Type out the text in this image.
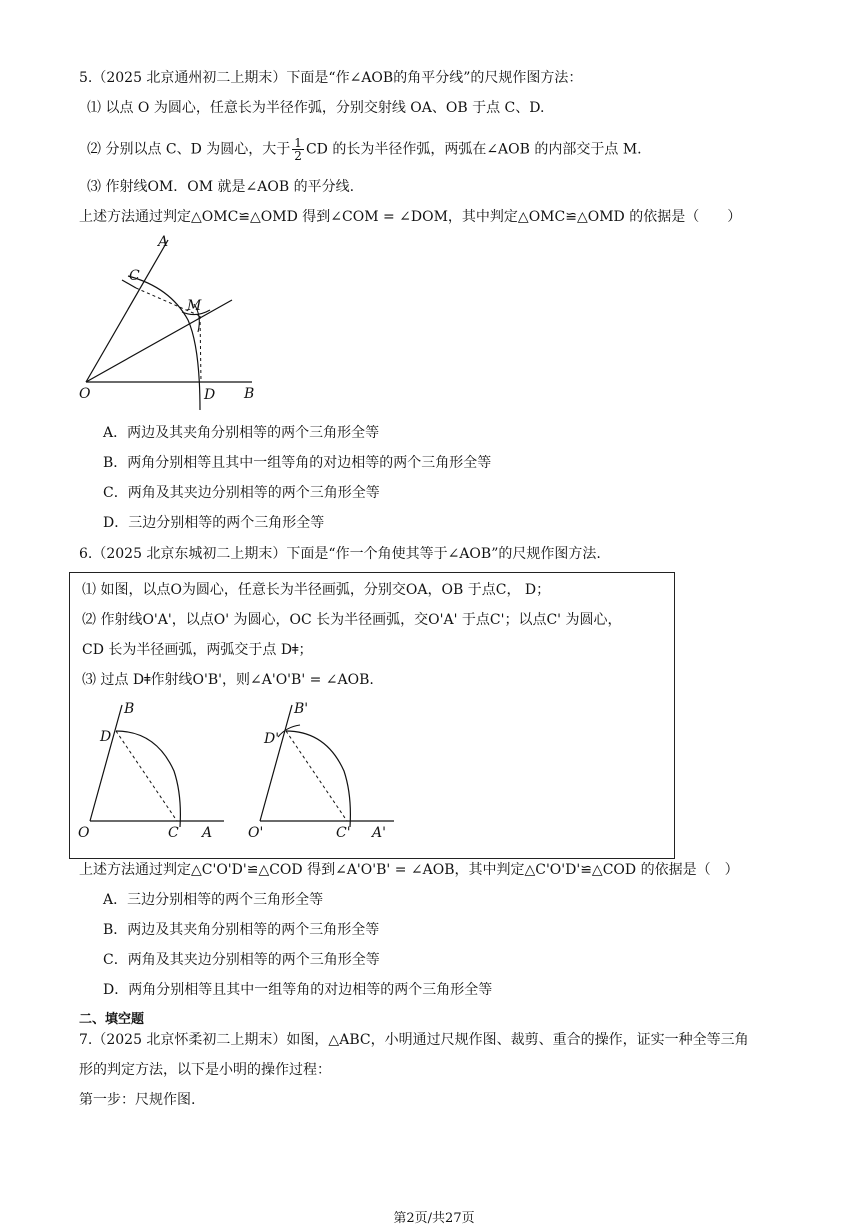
5.（2025 北京通州初二上期末）下面是“作∠AOB的角平分线”的尺规作图方法：
⑴ 以点 O 为圆心，任意长为半径作弧，分别交射线 OA、OB 于点 C、D.
⑵ 分别以点 C、D 为圆心，大于 $\frac{1}{2}$ CD 的长为半径作弧，两弧在∠AOB 的内部交于点 M.
⑶ 作射线OM．OM 就是∠AOB 的平分线.
上述方法通过判定△OMC≌△OMD 得到∠COM = ∠DOM，其中判定△OMC≌△OMD 的依据是（　　）
A
B
C
D
M
O
A．两边及其夹角分别相等的两个三角形全等
B．两角分别相等且其中一组等角的对边相等的两个三角形全等
C．两角及其夹边分别相等的两个三角形全等
D．三边分别相等的两个三角形全等
6.（2025 北京东城初二上期末）下面是“作一个角使其等于∠AOB”的尺规作图方法.
⑴ 如图，以点O为圆心，任意长为半径画弧，分别交OA，OB 于点C， D；
⑵ 作射线O'A'，以点O' 为圆心，OC 长为半径画弧，交O'A' 于点C'；以点C' 为圆心，
CD 长为半径画弧，两弧交于点 Dǂ；
⑶ 过点 Dǂ作射线O'B'，则∠A'O'B' = ∠AOB.
B
D
O	C A
B'
D'
O'	C' A'
上述方法通过判定△C'O'D'≌△COD 得到∠A'O'B' = ∠AOB，其中判定△C'O'D'≌△COD 的依据是（　）
A．三边分别相等的两个三角形全等
B．两边及其夹角分别相等的两个三角形全等
C．两角及其夹边分别相等的两个三角形全等
D．两角分别相等且其中一组等角的对边相等的两个三角形全等
二、填空题
7.（2025 北京怀柔初二上期末）如图，△ABC，小明通过尺规作图、裁剪、重合的操作，证实一种全等三角
形的判定方法，以下是小明的操作过程：
第一步：尺规作图.
第2页/共27页
